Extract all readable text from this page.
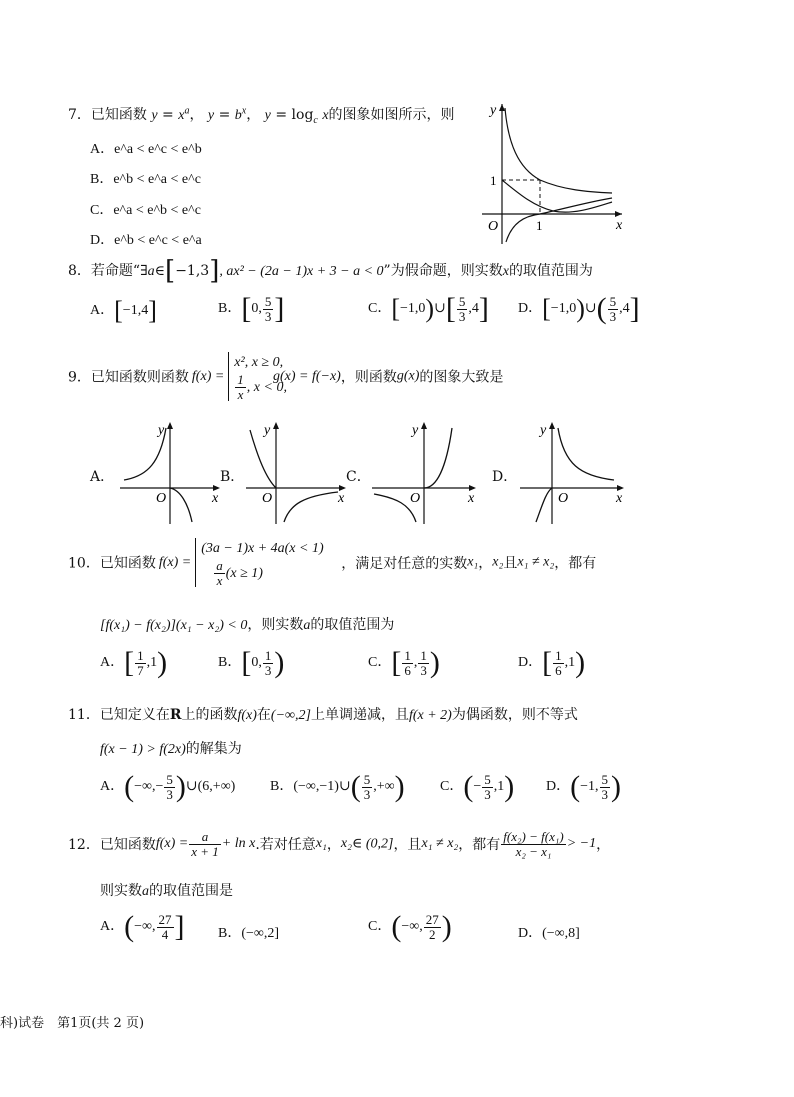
7．已知函数 $y = x^a$， $y = b^x$， $y = \log_c x$的图象如图所示，则
A．e^a < e^c < e^b
B．e^b < e^a < e^c
C．e^a < e^b < e^c
D．e^b < e^c < e^a
y
x
O
1
1
8．若命题“∃a∈[−1,3], ax² − (2a − 1)x + 3 − a < 0”为假命题，则实数x的取值范围为
A．[−1,4]	B．[0, $\frac{5}{3}$ ]	C．[−1,0)∪[ $\frac{5}{3} ,4$] D．[−1,0)∪( $\frac{5}{3} ,4$]
9．已知函数则函数 f(x) =
x², x ≥ 0,
$\frac{1}{x}$ , x < 0,
g(x) = f(−x)，则函数g(x)的图象大致是
A．
y
x
O
B．
y
x
O
C．
y
x
O
D．
y
x
O
10．已知函数 f(x) =
(3a − 1)x + 4a(x < 1)
$\frac{a}{x} (x \ge 1)$
，满足对任意的实数x₁，x₂且x₁ ≠ x₂，都有
[f(x₁) − f(x₂)](x₁ − x₂) < 0，则实数a的取值范围为
A．[ $\frac{1}{7} ,1$)	B．[0, $\frac{1}{3}$ )	C．[ $\frac{1}{6}$ , $\frac{1}{3}$ )	D．[ $\frac{1}{6} ,1$)
11．已知定义在R上的函数f(x)在(−∞,2]上单调递减，且f(x + 2)为偶函数，则不等式
f(x − 1) > f(2x)的解集为
A．(−∞,− $\frac{5}{3}$ )∪(6,+∞) B．(−∞,−1)∪( $\frac{5}{3}$ ,+∞)	C．(− $\frac{5}{3} ,1$) D．(−1, $\frac{5}{3}$ )
12．已知函数$f(x) = \frac{a}{x + 1} + \ln x$.若对任意x₁，x₂∈ (0,2]，且x₁ ≠ x₂，都有 $\frac{\text{f(x₂) − f(x₁)}}{\text{x₂ − x₁}} > -1$，
则实数a的取值范围是
A．(−∞, $\frac{27}{4}$ ] B．(−∞,2]	C．(−∞, $\frac{27}{2}$ )	D．(−∞,8]
科)试卷　第1页(共 2 页)
